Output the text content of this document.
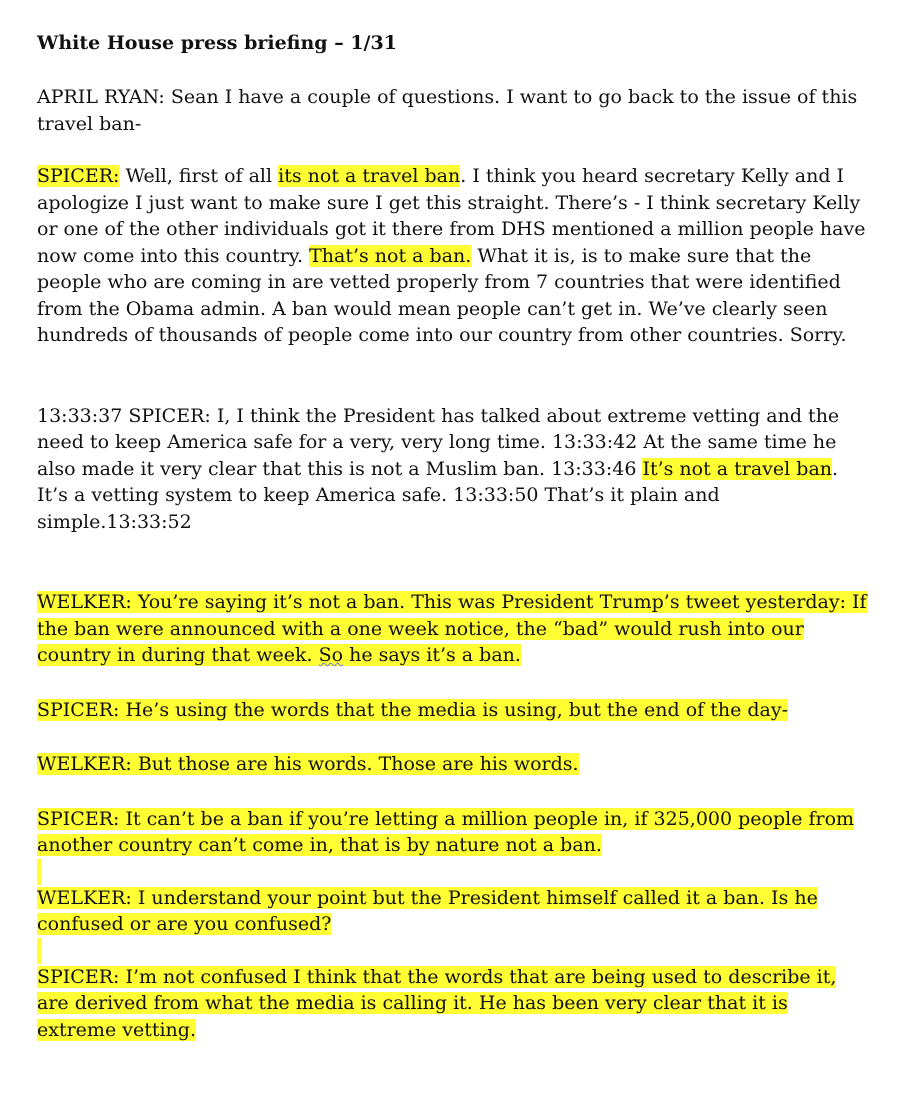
White House press briefing – 1/31

APRIL RYAN: Sean I have a couple of questions. I want to go back to the issue of this travel ban-

SPICER: Well, first of all its not a travel ban. I think you heard secretary Kelly and I apologize I just want to make sure I get this straight. There’s - I think secretary Kelly or one of the other individuals got it there from DHS mentioned a million people have now come into this country. That’s not a ban. What it is, is to make sure that the people who are coming in are vetted properly from 7 countries that were identified from the Obama admin. A ban would mean people can’t get in. We’ve clearly seen hundreds of thousands of people come into our country from other countries. Sorry.

13:33:37 SPICER: I, I think the President has talked about extreme vetting and the need to keep America safe for a very, very long time. 13:33:42 At the same time he also made it very clear that this is not a Muslim ban. 13:33:46 It’s not a travel ban. It’s a vetting system to keep America safe. 13:33:50 That’s it plain and simple.13:33:52

WELKER: You’re saying it’s not a ban. This was President Trump’s tweet yesterday: If the ban were announced with a one week notice, the “bad” would rush into our country in during that week. So he says it’s a ban.

SPICER: He’s using the words that the media is using, but the end of the day-

WELKER: But those are his words. Those are his words.

SPICER: It can’t be a ban if you’re letting a million people in, if 325,000 people from another country can’t come in, that is by nature not a ban.

WELKER: I understand your point but the President himself called it a ban. Is he confused or are you confused?

SPICER: I’m not confused I think that the words that are being used to describe it, are derived from what the media is calling it. He has been very clear that it is extreme vetting.
